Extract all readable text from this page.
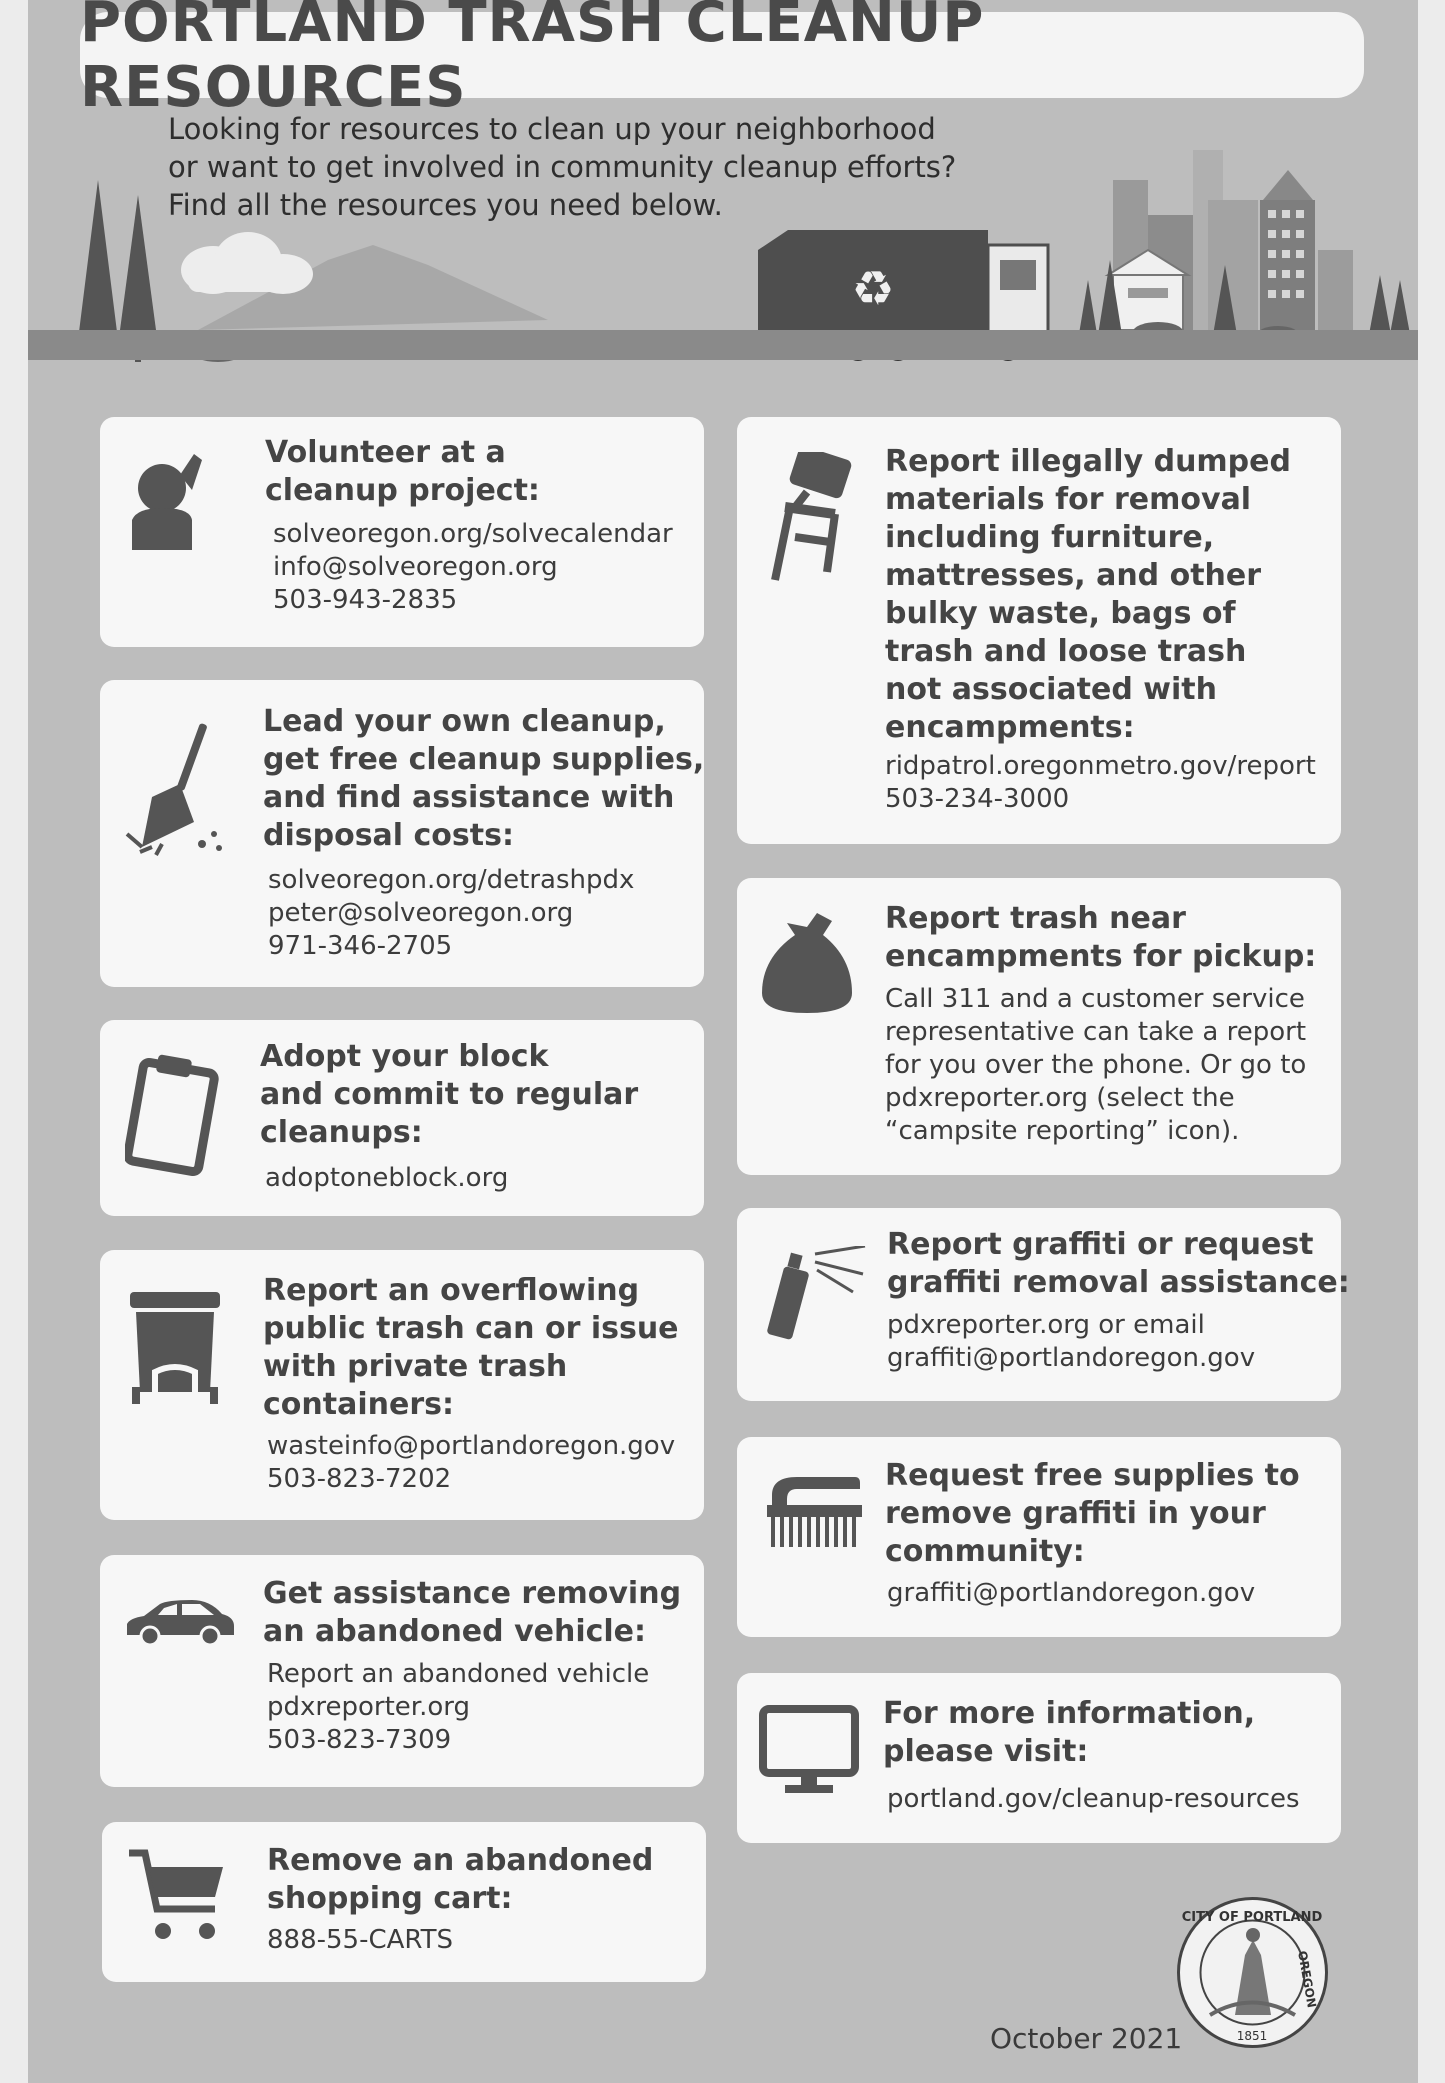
PORTLAND TRASH CLEANUP RESOURCES
♻
Looking for resources to clean up your neighborhood
or want to get involved in community cleanup efforts?
Find all the resources you need below.
Volunteer at a
cleanup project:
solveoregon.org/solvecalendar
info@solveoregon.org
503-943-2835
Lead your own cleanup,
get free cleanup supplies,
and find assistance with
disposal costs:
solveoregon.org/detrashpdx
peter@solveoregon.org
971-346-2705
Adopt your block
and commit to regular
cleanups:
adoptoneblock.org
Report an overflowing
public trash can or issue
with private trash
containers:
wasteinfo@portlandoregon.gov
503-823-7202
Get assistance removing
an abandoned vehicle:
Report an abandoned vehicle
pdxreporter.org
503-823-7309
Remove an abandoned
shopping cart:
888-55-CARTS
Report illegally dumped
materials for removal
including furniture,
mattresses, and other
bulky waste, bags of
trash and loose trash
not associated with
encampments:
ridpatrol.oregonmetro.gov/report
503-234-3000
Report trash near
encampments for pickup:
Call 311 and a customer service
representative can take a report
for you over the phone. Or go to
pdxreporter.org (select the
“campsite reporting” icon).
Report graffiti or request
graffiti removal assistance:
pdxreporter.org or email
graffiti@portlandoregon.gov
Request free supplies to
remove graffiti in your
community:
graffiti@portlandoregon.gov
For more information,
please visit:
portland.gov/cleanup-resources
CITY OF PORTLAND
OREGON
1851
October 2021
